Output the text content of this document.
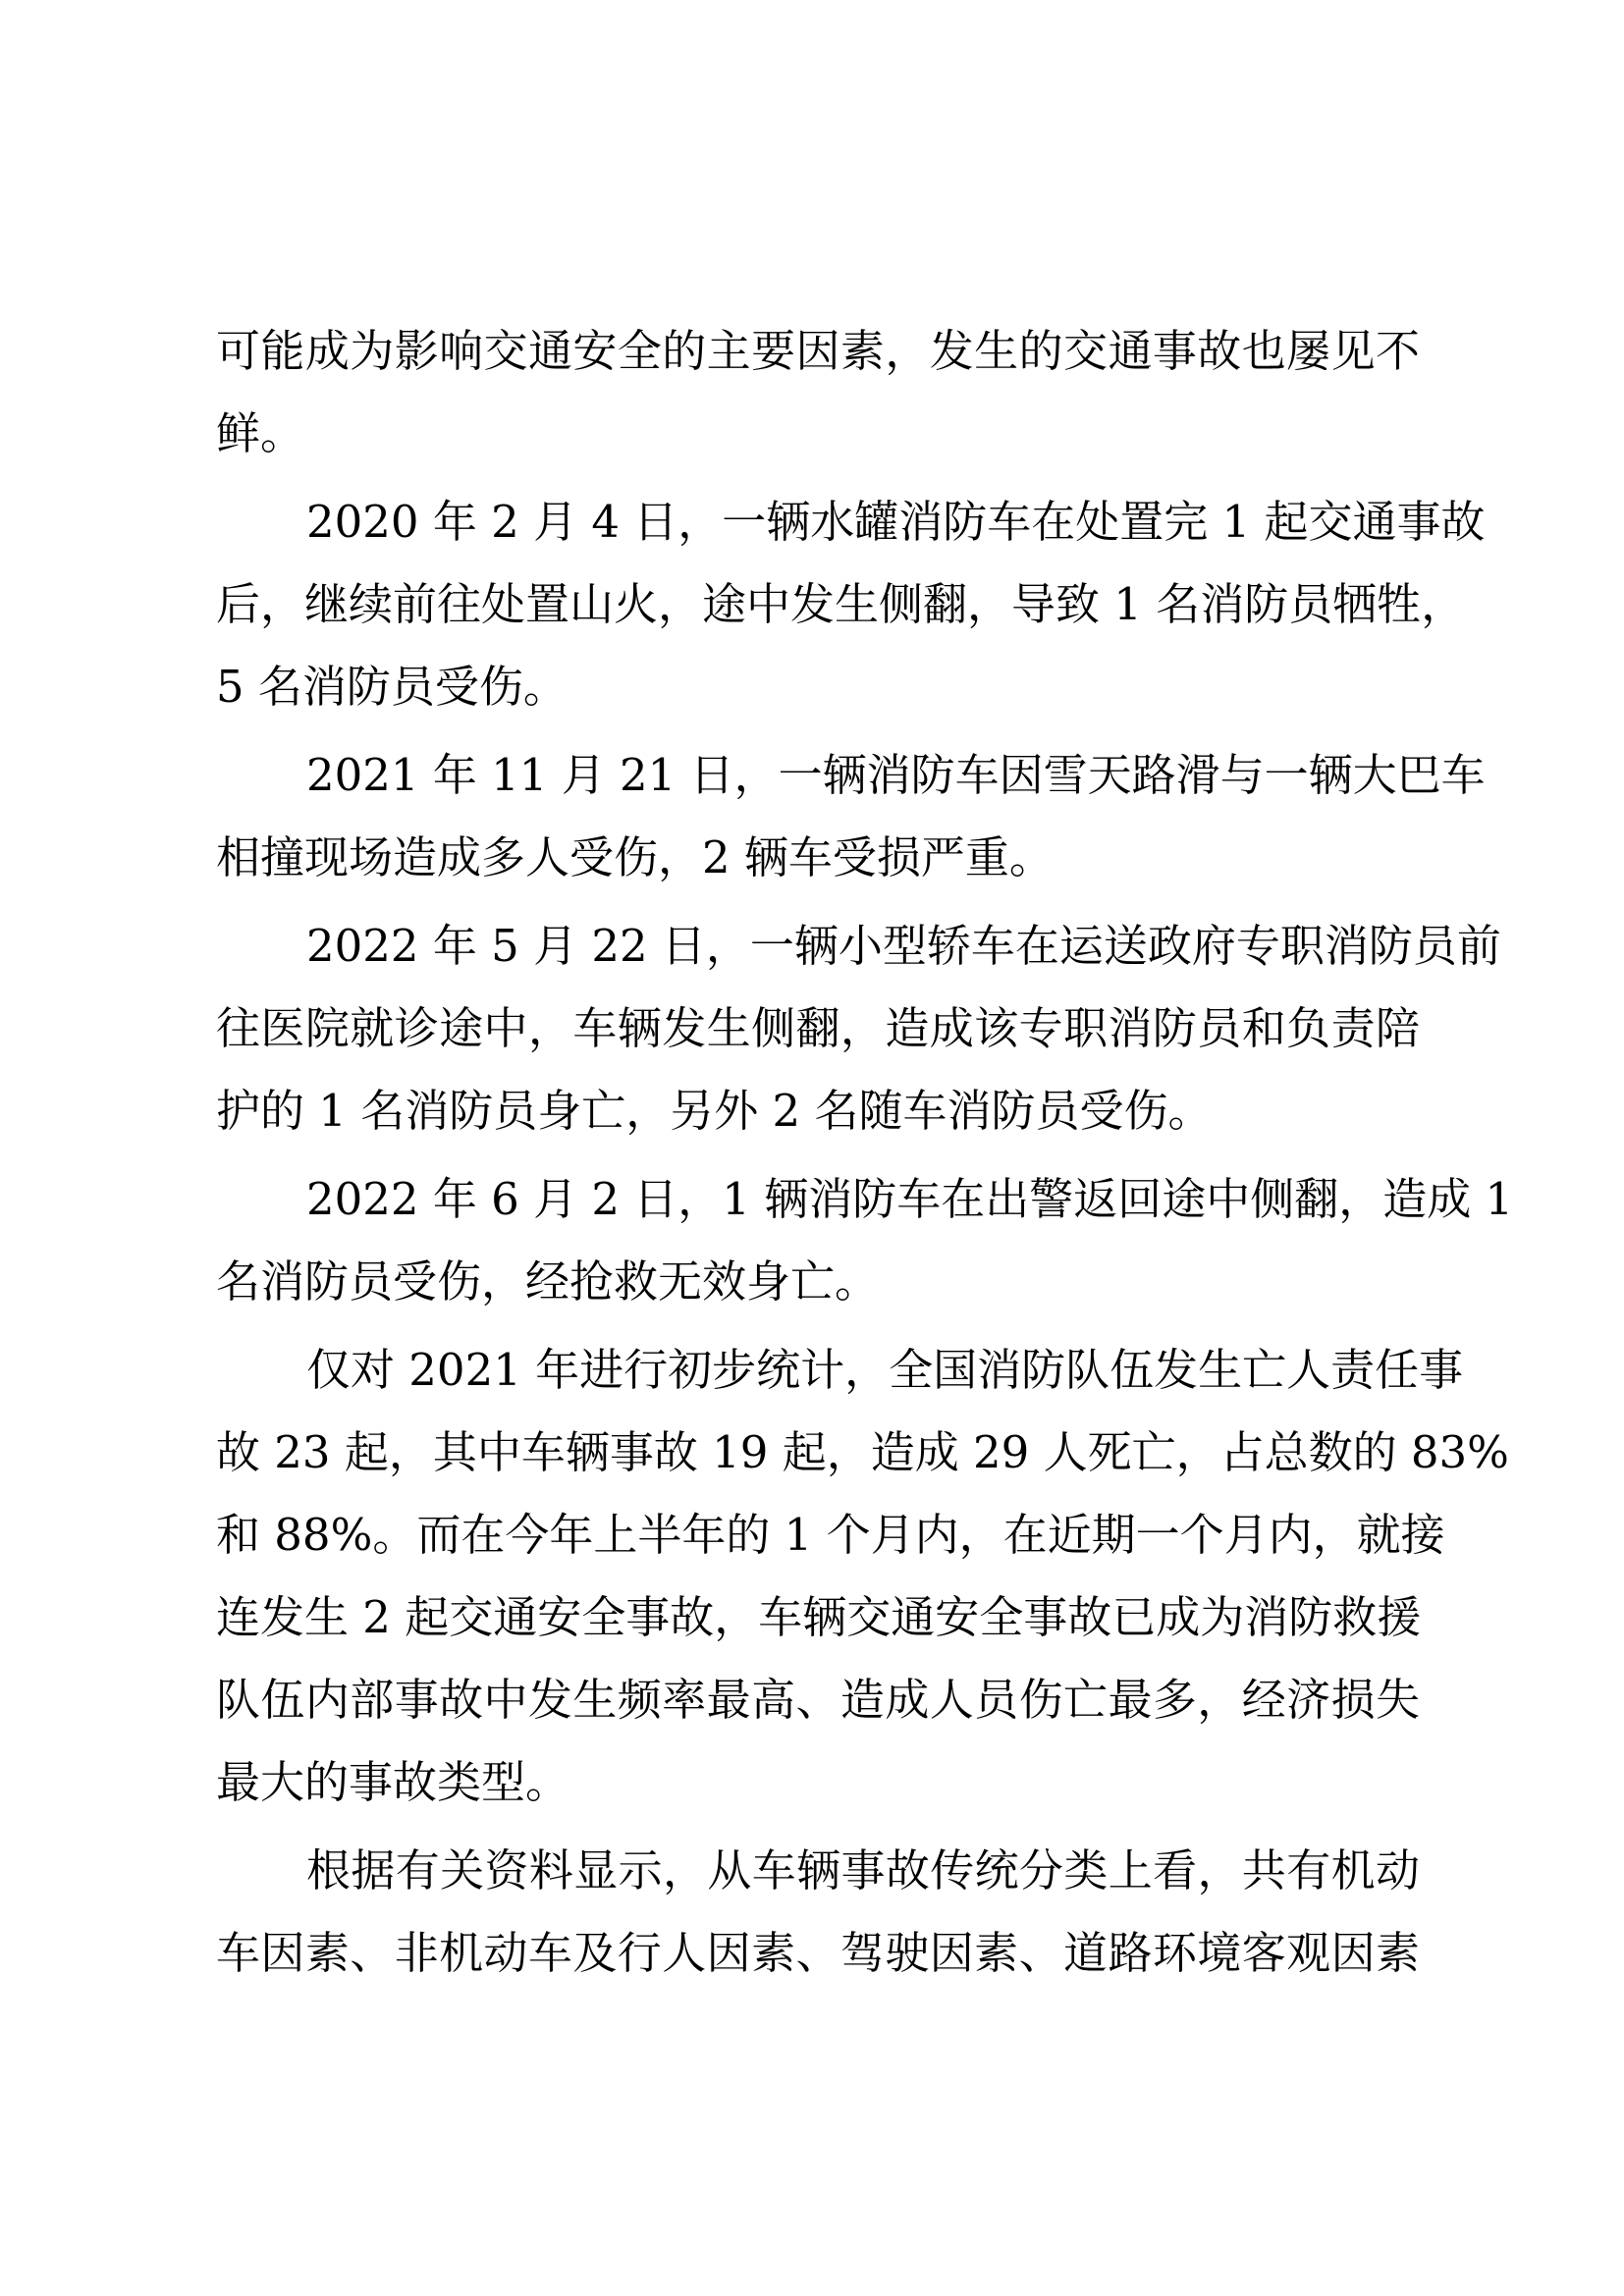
可能成为影响交通安全的主要因素，发生的交通事故也屡见不
鲜。
2020 年 2 月 4 日，一辆水罐消防车在处置完 1 起交通事故
后，继续前往处置山火，途中发生侧翻，导致 1 名消防员牺牲，
5 名消防员受伤。
2021 年 11 月 21 日，一辆消防车因雪天路滑与一辆大巴车
相撞现场造成多人受伤，2 辆车受损严重。
2022 年 5 月 22 日，一辆小型轿车在运送政府专职消防员前
往医院就诊途中，车辆发生侧翻，造成该专职消防员和负责陪
护的 1 名消防员身亡，另外 2 名随车消防员受伤。
2022 年 6 月 2 日，1 辆消防车在出警返回途中侧翻，造成 1
名消防员受伤，经抢救无效身亡。
仅对 2021 年进行初步统计，全国消防队伍发生亡人责任事
故 23 起，其中车辆事故 19 起，造成 29 人死亡，占总数的 83%
和 88%。而在今年上半年的 1 个月内，在近期一个月内，就接
连发生 2 起交通安全事故，车辆交通安全事故已成为消防救援
队伍内部事故中发生频率最高、造成人员伤亡最多，经济损失
最大的事故类型。
根据有关资料显示，从车辆事故传统分类上看，共有机动
车因素、非机动车及行人因素、驾驶因素、道路环境客观因素
